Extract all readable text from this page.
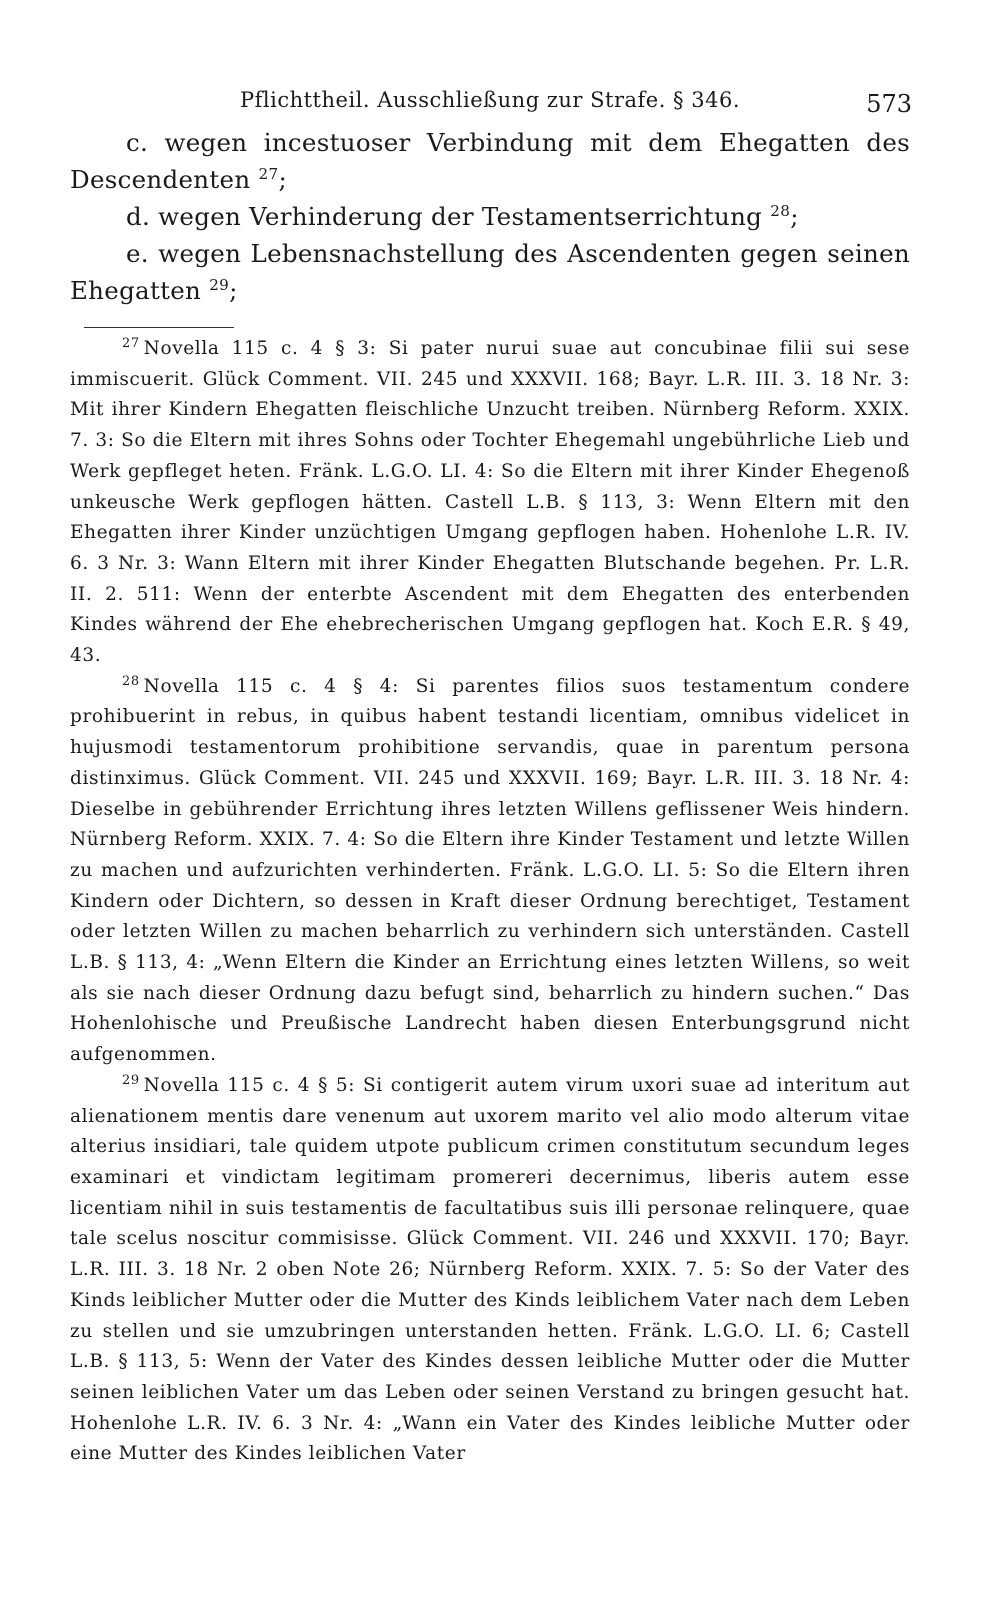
Pflichttheil. Ausschließung zur Strafe. § 346.	573
c. wegen incestuoser Verbindung mit dem Ehegatten des Descendenten $^{27}$;
d. wegen Verhinderung der Testamentserrichtung $^{28}$;
e. wegen Lebensnachstellung des Ascendenten gegen seinen Ehegatten $^{29}$;

$^{27}$ Novella 115 c. 4 § 3: Si pater nurui suae aut concubinae filii sui sese immiscuerit. Glück Comment. VII. 245 und XXXVII. 168; Bayr. L.R. III. 3. 18 Nr. 3: Mit ihrer Kindern Ehegatten fleischliche Unzucht treiben. Nürnberg Reform. XXIX. 7. 3: So die Eltern mit ihres Sohns oder Tochter Ehegemahl ungebührliche Lieb und Werk gepfleget heten. Fränk. L.G.O. LI. 4: So die Eltern mit ihrer Kinder Ehegenoß unkeusche Werk gepflogen hätten. Castell L.B. § 113, 3: Wenn Eltern mit den Ehegatten ihrer Kinder unzüchtigen Umgang gepflogen haben. Hohenlohe L.R. IV. 6. 3 Nr. 3: Wann Eltern mit ihrer Kinder Ehegatten Blutschande begehen. Pr. L.R. II. 2. 511: Wenn der enterbte Ascendent mit dem Ehegatten des enterbenden Kindes während der Ehe ehebrecherischen Umgang gepflogen hat. Koch E.R. § 49, 43.

$^{28}$ Novella 115 c. 4 § 4: Si parentes filios suos testamentum condere prohibuerint in rebus, in quibus habent testandi licentiam, omnibus videlicet in hujusmodi testamentorum prohibitione servandis, quae in parentum persona distinximus. Glück Comment. VII. 245 und XXXVII. 169; Bayr. L.R. III. 3. 18 Nr. 4: Dieselbe in gebührender Errichtung ihres letzten Willens geflissener Weis hindern. Nürnberg Reform. XXIX. 7. 4: So die Eltern ihre Kinder Testament und letzte Willen zu machen und aufzurichten verhinderten. Fränk. L.G.O. LI. 5: So die Eltern ihren Kindern oder Dichtern, so dessen in Kraft dieser Ordnung berechtiget, Testament oder letzten Willen zu machen beharrlich zu verhindern sich unterständen. Castell L.B. § 113, 4: „Wenn Eltern die Kinder an Errichtung eines letzten Willens, so weit als sie nach dieser Ordnung dazu befugt sind, beharrlich zu hindern suchen.“ Das Hohenlohische und Preußische Landrecht haben diesen Enterbungsgrund nicht aufgenommen.

$^{29}$ Novella 115 c. 4 § 5: Si contigerit autem virum uxori suae ad interitum aut alienationem mentis dare venenum aut uxorem marito vel alio modo alterum vitae alterius insidiari, tale quidem utpote publicum crimen constitutum secundum leges examinari et vindictam legitimam promereri decernimus, liberis autem esse licentiam nihil in suis testamentis de facultatibus suis illi personae relinquere, quae tale scelus noscitur commisisse. Glück Comment. VII. 246 und XXXVII. 170; Bayr. L.R. III. 3. 18 Nr. 2 oben Note 26; Nürnberg Reform. XXIX. 7. 5: So der Vater des Kinds leiblicher Mutter oder die Mutter des Kinds leiblichem Vater nach dem Leben zu stellen und sie umzubringen unterstanden hetten. Fränk. L.G.O. LI. 6; Castell L.B. § 113, 5: Wenn der Vater des Kindes dessen leibliche Mutter oder die Mutter seinen leiblichen Vater um das Leben oder seinen Verstand zu bringen gesucht hat. Hohenlohe L.R. IV. 6. 3 Nr. 4: „Wann ein Vater des Kindes leibliche Mutter oder eine Mutter des Kindes leiblichen Vater
